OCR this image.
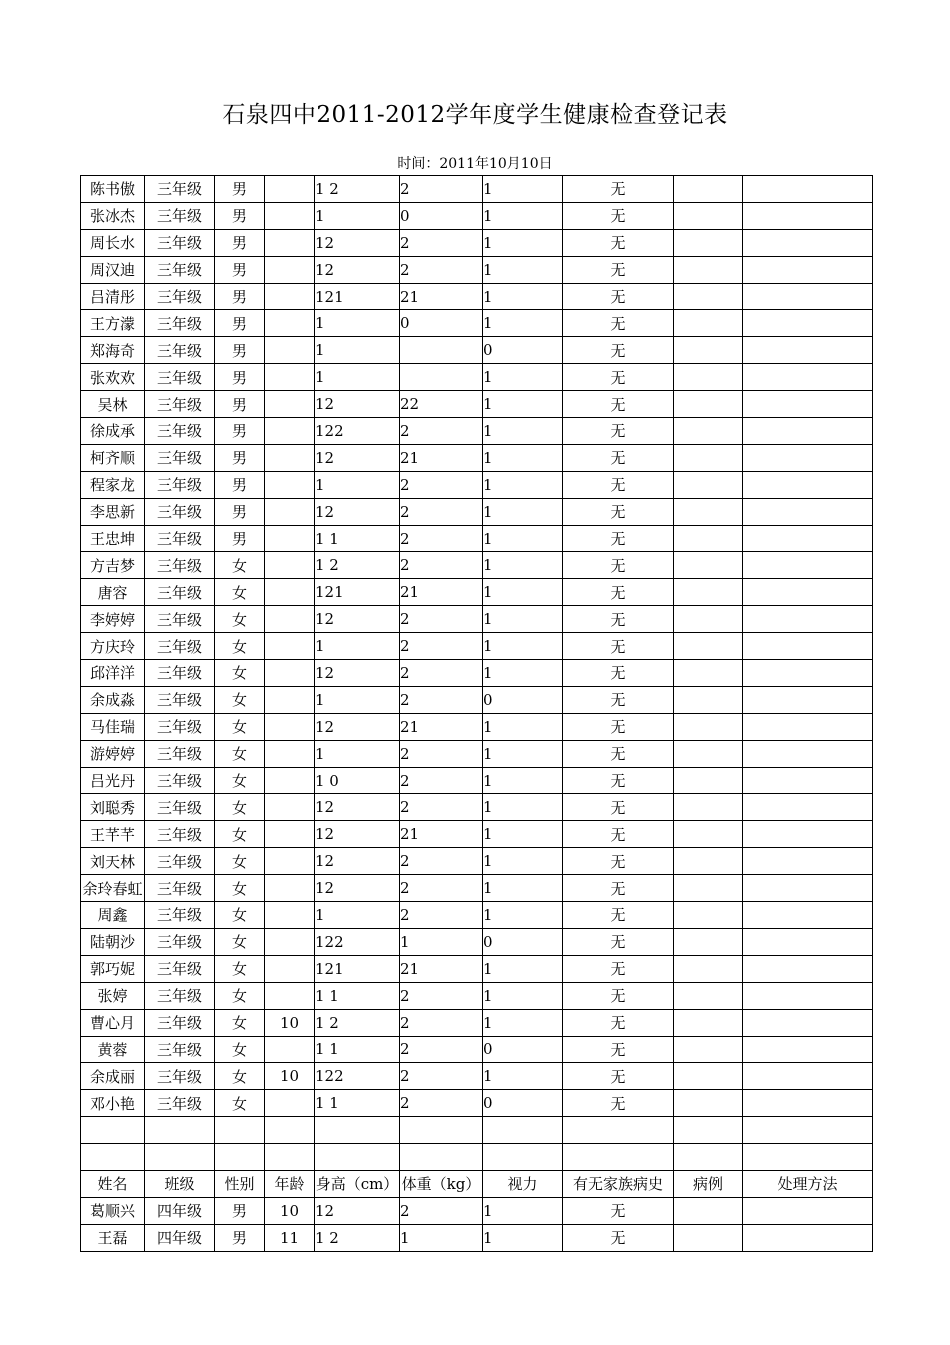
石泉四中2011-2012学年度学生健康检查登记表
时间：2011年10月10日
陈书傲	三年级	男		1 2	2	1	无		
张冰杰	三年级	男		1	0	1	无		
周长水	三年级	男		12	2	1	无		
周汉迪	三年级	男		12	2	1	无		
吕清彤	三年级	男		121	21	1	无		
王方濛	三年级	男		1	0	1	无		
郑海奇	三年级	男		1		0	无		
张欢欢	三年级	男		1		1	无		
吴林	三年级	男		12	22	1	无		
徐成承	三年级	男		122	2	1	无		
柯齐顺	三年级	男		12	21	1	无		
程家龙	三年级	男		1	2	1	无		
李思新	三年级	男		12	2	1	无		
王忠坤	三年级	男		1 1	2	1	无		
方吉梦	三年级	女		1 2	2	1	无		
唐容	三年级	女		121	21	1	无		
李婷婷	三年级	女		12	2	1	无		
方庆玲	三年级	女		1	2	1	无		
邱洋洋	三年级	女		12	2	1	无		
余成淼	三年级	女		1	2	0	无		
马佳瑞	三年级	女		12	21	1	无		
游婷婷	三年级	女		1	2	1	无		
吕光丹	三年级	女		1 0	2	1	无		
刘聪秀	三年级	女		12	2	1	无		
王芊芊	三年级	女		12	21	1	无		
刘天林	三年级	女		12	2	1	无		
余玲春虹	三年级	女		12	2	1	无		
周鑫	三年级	女		1	2	1	无		
陆朝沙	三年级	女		122	1	0	无		
郭巧妮	三年级	女		121	21	1	无		
张婷	三年级	女		1 1	2	1	无		
曹心月	三年级	女	10	1 2	2	1	无		
黄蓉	三年级	女		1 1	2	0	无		
余成丽	三年级	女	10	122	2	1	无		
邓小艳	三年级	女		1 1	2	0	无		

姓名	班级	性别	年龄	身高（cm）	体重（kg）	视力	有无家族病史	病例	处理方法
葛顺兴	四年级	男	10	12	2	1	无		
王磊	四年级	男	11	1 2	1	1	无		
